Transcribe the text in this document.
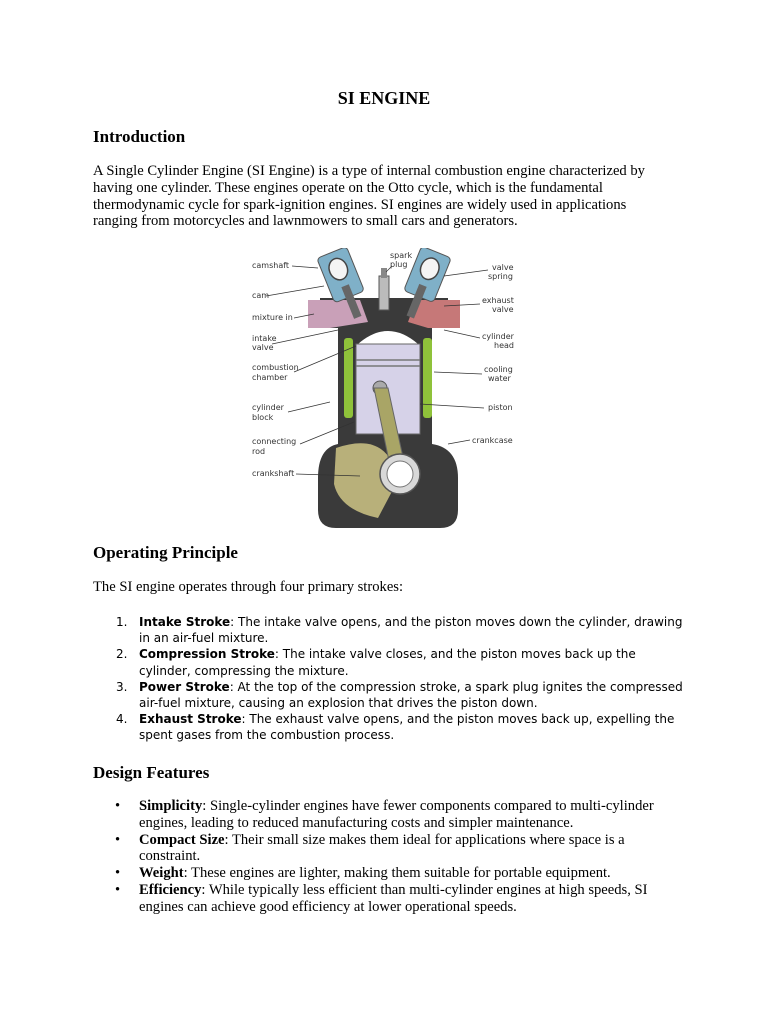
SI ENGINE
Introduction
A Single Cylinder Engine (SI Engine) is a type of internal combustion engine characterized by having one cylinder. These engines operate on the Otto cycle, which is the fundamental thermodynamic cycle for spark-ignition engines. SI engines are widely used in applications ranging from motorcycles and lawnmowers to small cars and generators.
camshaft
spark
plug	valve
spring
cam
exhaust
valve
mixture in
intake
valve
cylinder
head
combustion
chamber
cooling
water
cylinder
block
piston
connecting
rod
crankcase
crankshaft
Operating Principle
The SI engine operates through four primary strokes:
1. Intake Stroke: The intake valve opens, and the piston moves down the cylinder, drawing in an air-fuel mixture.
2. Compression Stroke: The intake valve closes, and the piston moves back up the cylinder, compressing the mixture.
3. Power Stroke: At the top of the compression stroke, a spark plug ignites the compressed air-fuel mixture, causing an explosion that drives the piston down.
4. Exhaust Stroke: The exhaust valve opens, and the piston moves back up, expelling the spent gases from the combustion process.
Design Features
• Simplicity: Single-cylinder engines have fewer components compared to multi-cylinder engines, leading to reduced manufacturing costs and simpler maintenance.
• Compact Size: Their small size makes them ideal for applications where space is a constraint.
• Weight: These engines are lighter, making them suitable for portable equipment.
• Efficiency: While typically less efficient than multi-cylinder engines at high speeds, SI engines can achieve good efficiency at lower operational speeds.
